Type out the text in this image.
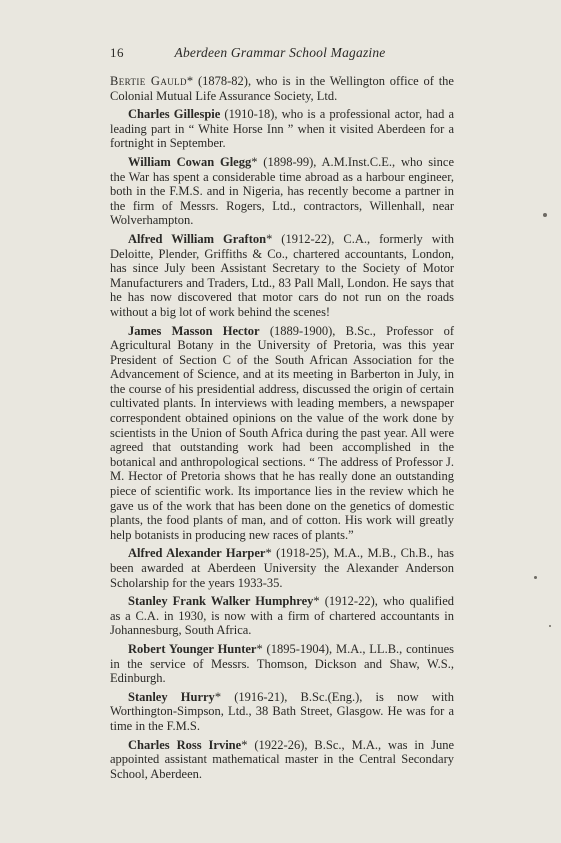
16	Aberdeen Grammar School Magazine

Bertie Gauld* (1878-82), who is in the Wellington office of the Colonial Mutual Life Assurance Society, Ltd.

Charles Gillespie (1910-18), who is a professional actor, had a leading part in “ White Horse Inn ” when it visited Aberdeen for a fortnight in September.

William Cowan Glegg* (1898-99), A.M.Inst.C.E., who since the War has spent a considerable time abroad as a harbour engineer, both in the F.M.S. and in Nigeria, has recently become a partner in the firm of Messrs. Rogers, Ltd., contractors, Willenhall, near Wolverhampton.

Alfred William Grafton* (1912-22), C.A., formerly with Deloitte, Plender, Griffiths & Co., chartered accountants, London, has since July been Assistant Secretary to the Society of Motor Manufacturers and Traders, Ltd., 83 Pall Mall, London. He says that he has now discovered that motor cars do not run on the roads without a big lot of work behind the scenes!

James Masson Hector (1889-1900), B.Sc., Professor of Agricultural Botany in the University of Pretoria, was this year President of Section C of the South African Association for the Advancement of Science, and at its meeting in Barberton in July, in the course of his presidential address, discussed the origin of certain cultivated plants. In interviews with leading members, a newspaper correspondent obtained opinions on the value of the work done by scientists in the Union of South Africa during the past year. All were agreed that outstanding work had been accomplished in the botanical and anthropological sections. “ The address of Professor J. M. Hector of Pretoria shows that he has really done an outstanding piece of scientific work. Its importance lies in the review which he gave us of the work that has been done on the genetics of domestic plants, the food plants of man, and of cotton. His work will greatly help botanists in producing new races of plants.”

Alfred Alexander Harper* (1918-25), M.A., M.B., Ch.B., has been awarded at Aberdeen University the Alexander Anderson Scholarship for the years 1933-35.

Stanley Frank Walker Humphrey* (1912-22), who qualified as a C.A. in 1930, is now with a firm of chartered accountants in Johannesburg, South Africa.

Robert Younger Hunter* (1895-1904), M.A., LL.B., continues in the service of Messrs. Thomson, Dickson and Shaw, W.S., Edinburgh.

Stanley Hurry* (1916-21), B.Sc.(Eng.), is now with Worthington-Simpson, Ltd., 38 Bath Street, Glasgow. He was for a time in the F.M.S.

Charles Ross Irvine* (1922-26), B.Sc., M.A., was in June appointed assistant mathematical master in the Central Secondary School, Aberdeen.
